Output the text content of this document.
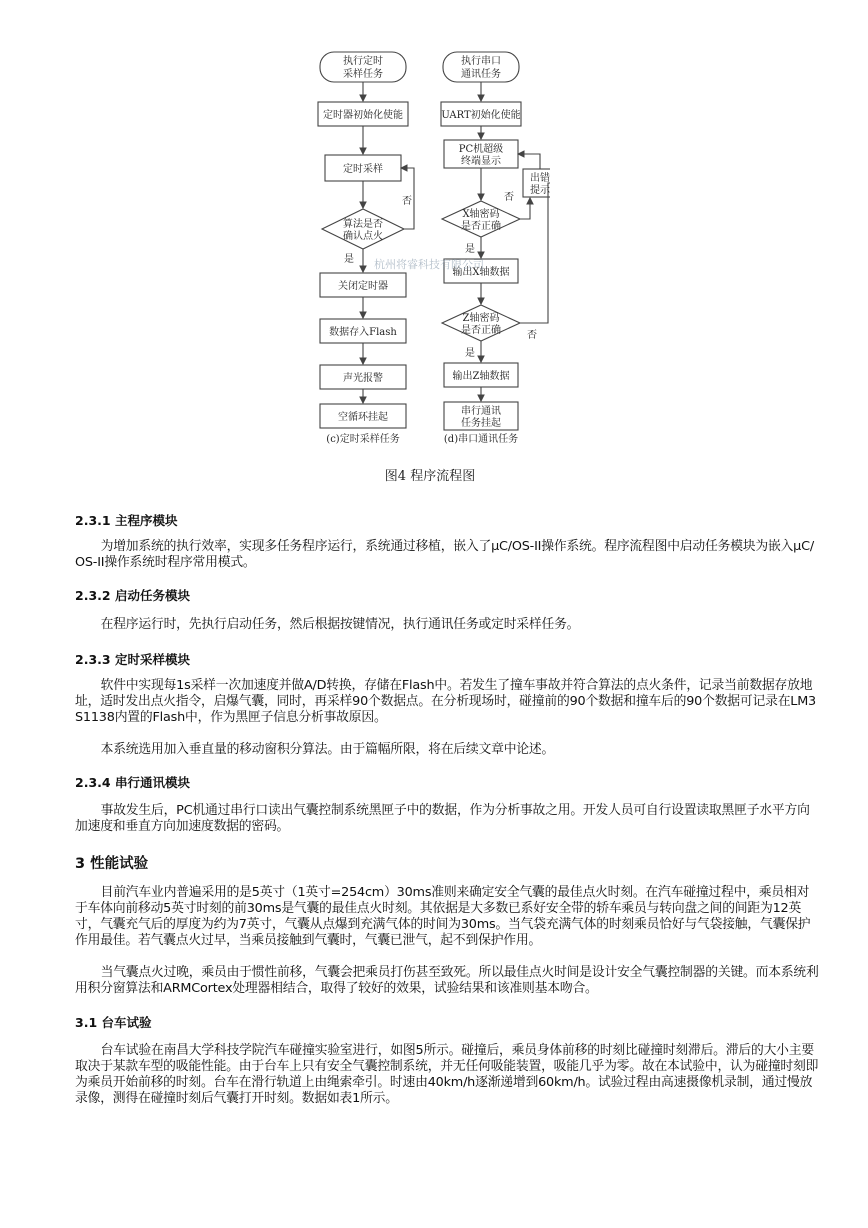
执行定时
采样任务
定时器初始化使能
定时采样
算法是否
确认点火
否
是
关闭定时器
数据存入Flash
声光报警
空循环挂起
(c)定时采样任务
执行串口
通讯任务
UART初始化使能
PC机超级
终端显示
出错
提示
X轴密码
是否正确
否
是
输出X轴数据
Z轴密码
是否正确	否
是
输出Z轴数据
串行通讯
任务挂起
(d)串口通讯任务
杭州将睿科技有限公司
图4 程序流程图
2.3.1 主程序模块

为增加系统的执行效率，实现多任务程序运行，系统通过移植，嵌入了μC/OS-II操作系统。程序流程图中启动任务模块为嵌入μC/OS-II操作系统时程序常用模式。

2.3.2 启动任务模块

在程序运行时，先执行启动任务，然后根据按键情况，执行通讯任务或定时采样任务。

2.3.3 定时采样模块

软件中实现每1s采样一次加速度并做A/D转换，存储在Flash中。若发生了撞车事故并符合算法的点火条件，记录当前数据存放地址，适时发出点火指令，启爆气囊，同时，再采样90个数据点。在分析现场时，碰撞前的90个数据和撞车后的90个数据可记录在LM3S1138内置的Flash中，作为黑匣子信息分析事故原因。

本系统选用加入垂直量的移动窗积分算法。由于篇幅所限，将在后续文章中论述。

2.3.4 串行通讯模块

事故发生后，PC机通过串行口读出气囊控制系统黑匣子中的数据，作为分析事故之用。开发人员可自行设置读取黑匣子水平方向加速度和垂直方向加速度数据的密码。

3 性能试验

目前汽车业内普遍采用的是5英寸（1英寸=254cm）30ms准则来确定安全气囊的最佳点火时刻。在汽车碰撞过程中，乘员相对于车体向前移动5英寸时刻的前30ms是气囊的最佳点火时刻。其依据是大多数已系好安全带的轿车乘员与转向盘之间的间距为12英寸，气囊充气后的厚度为约为7英寸，气囊从点爆到充满气体的时间为30ms。当气袋充满气体的时刻乘员恰好与气袋接触，气囊保护作用最佳。若气囊点火过早，当乘员接触到气囊时，气囊已泄气，起不到保护作用。

当气囊点火过晚，乘员由于惯性前移，气囊会把乘员打伤甚至致死。所以最佳点火时间是设计安全气囊控制器的关键。而本系统利用积分窗算法和ARMCortex处理器相结合，取得了较好的效果，试验结果和该准则基本吻合。

3.1 台车试验

台车试验在南昌大学科技学院汽车碰撞实验室进行，如图5所示。碰撞后，乘员身体前移的时刻比碰撞时刻滞后。滞后的大小主要取决于某款车型的吸能性能。由于台车上只有安全气囊控制系统，并无任何吸能装置，吸能几乎为零。故在本试验中，认为碰撞时刻即为乘员开始前移的时刻。台车在滑行轨道上由绳索牵引。时速由40km/h逐渐递增到60km/h。试验过程由高速摄像机录制，通过慢放录像，测得在碰撞时刻后气囊打开时刻。数据如表1所示。
